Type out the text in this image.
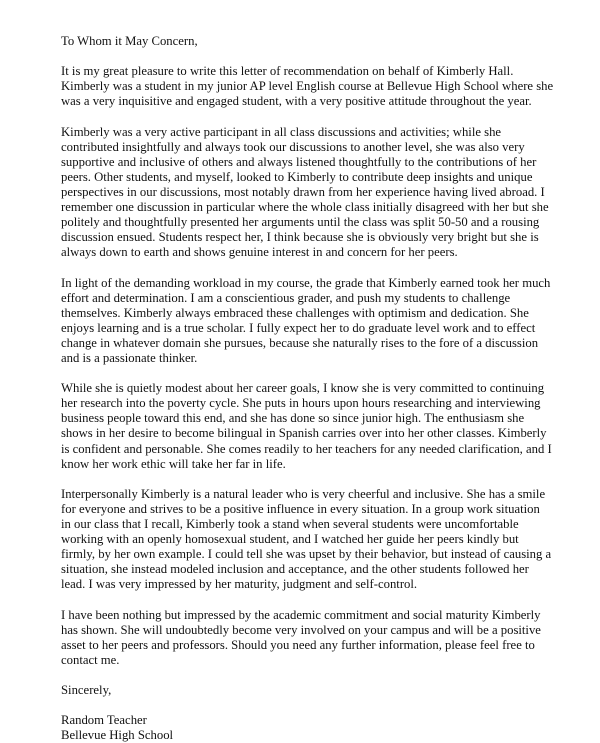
To Whom it May Concern,

It is my great pleasure to write this letter of recommendation on behalf of Kimberly Hall.
Kimberly was a student in my junior AP level English course at Bellevue High School where she
was a very inquisitive and engaged student, with a very positive attitude throughout the year.

Kimberly was a very active participant in all class discussions and activities; while she
contributed insightfully and always took our discussions to another level, she was also very
supportive and inclusive of others and always listened thoughtfully to the contributions of her
peers. Other students, and myself, looked to Kimberly to contribute deep insights and unique
perspectives in our discussions, most notably drawn from her experience having lived abroad. I
remember one discussion in particular where the whole class initially disagreed with her but she
politely and thoughtfully presented her arguments until the class was split 50-50 and a rousing
discussion ensued. Students respect her, I think because she is obviously very bright but she is
always down to earth and shows genuine interest in and concern for her peers.

In light of the demanding workload in my course, the grade that Kimberly earned took her much
effort and determination. I am a conscientious grader, and push my students to challenge
themselves. Kimberly always embraced these challenges with optimism and dedication. She
enjoys learning and is a true scholar. I fully expect her to do graduate level work and to effect
change in whatever domain she pursues, because she naturally rises to the fore of a discussion
and is a passionate thinker.

While she is quietly modest about her career goals, I know she is very committed to continuing
her research into the poverty cycle. She puts in hours upon hours researching and interviewing
business people toward this end, and she has done so since junior high. The enthusiasm she
shows in her desire to become bilingual in Spanish carries over into her other classes. Kimberly
is confident and personable. She comes readily to her teachers for any needed clarification, and I
know her work ethic will take her far in life.

Interpersonally Kimberly is a natural leader who is very cheerful and inclusive. She has a smile
for everyone and strives to be a positive influence in every situation. In a group work situation
in our class that I recall, Kimberly took a stand when several students were uncomfortable
working with an openly homosexual student, and I watched her guide her peers kindly but
firmly, by her own example. I could tell she was upset by their behavior, but instead of causing a
situation, she instead modeled inclusion and acceptance, and the other students followed her
lead. I was very impressed by her maturity, judgment and self-control.

I have been nothing but impressed by the academic commitment and social maturity Kimberly
has shown. She will undoubtedly become very involved on your campus and will be a positive
asset to her peers and professors. Should you need any further information, please feel free to
contact me.

Sincerely,

Random Teacher
Bellevue High School
